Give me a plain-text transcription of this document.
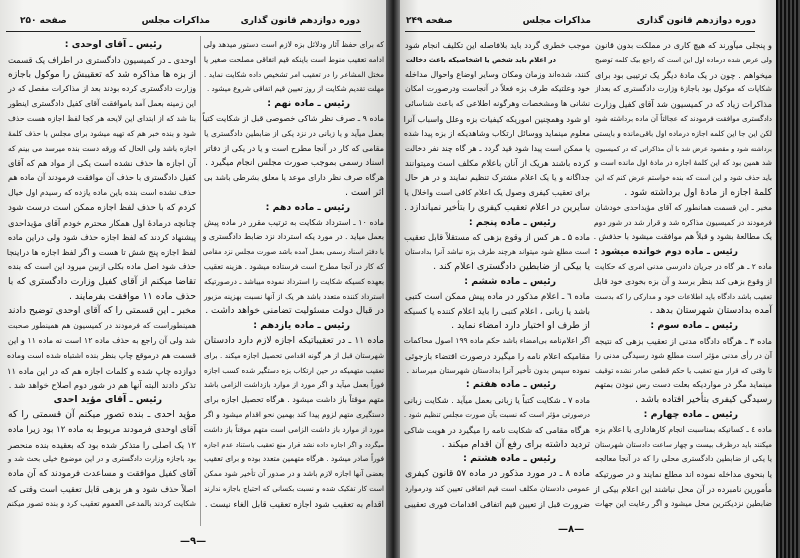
دوره دوازدهم قانون گذاری
مذاکرات مجلس
صفحه ۲۵۰
که برای حفظ آثار ودلائل بزه لازم است دستور میدهد ولی
ادامه تعقیب منوط است باینکه قیم اتفاقی مصلحت صغیر یا
مختل المشاعر را در تعقیب امر تشخیص داده شکایت نماید .
مهلت تقدیم شکایت از روز تعیین قیم اتفاقی شروع میشود .
رئیس ـ ماده نهم :
ماده ۹ ـ صرف نظر شاکی خصوصی قبل از شکایت کتباً
بعمل میآید و یا زبانی در نزد یکی از ضابطین دادگستری یا
مقامی که کار در آنجا مطرح است و یا در یکی از دفاتر
اسناد رسمی بموجب صورت مجلس انجام میگیرد .
هرگاه صرف نظر دارای موعد یا معلق بشرطی باشد بی
اثر است .
رئیس ـ ماده دهم :
ماده ۱۰ ـ استرداد شکایت به ترتیب مقرر در ماده پیش
بعمل میاید . در مورد یکه استرداد نزد ضابط دادگستری و
یا دفتر اسناد رسمی بعمل آمده باشد صورت مجلس نزد مقامی
که کار در آنجا مطرح است فرستاده میشود . هزینه تعقیب
بعهده کسیکه شکایت را استرداد نموده میباشد ـ درصورتیکه
استرداد کننده متعدد باشد هر یک از آنها نسبت بهزینه مزبور
در قبال دولت مسئولیت تضامنی خواهد داشت .
رئیس ـ ماده یازدهم :
ماده ۱۱ ـ در تعقیباتیکه اجازه لازم دارد دادستان
شهرستان قبل از هر گونه اقدامی تحصیل اجازه میکند . برای
تعقیب متهمیکه در حین ارتکاب بزه دستگیر شده کسب اجازه
فوراً بعمل میآید و اگر مورد از موارد بازداشت الزامی باشد
متهم موقتاً باز داشت میشود . هرگاه تحصیل اجازه برای
دستگیری متهم لزوم پیدا کند بهمین نحو اقدام میشود و اگر
مورد از موارد باز داشت الزامی است متهم موقتاً باز داشت
میگردد و اگر اجازه داده نشد قرار منع تعقیب باستناد عدم اجازه
فوراً صادر میشود . هرگاه متهمین متعدد بوده و برای تعقیب
بعضی آنها اجازه لازم باشد و در صدور آن تأخیر شود ممکن
است کار تفکیک شده و نسبت بکسانی که احتیاج باجازه ندارند
اقدام به تعقیب شود اجازه تعقیب قابل الغاء نیست .
رئیس ـ آقای اوحدی :
اوحدی ـ در کمیسیون دادگستری در اطراف یک قسمت
از بزه ها مذاکره شد که تعقیبش را موکول باجازه
وزارت دادگستری کرده بودند بعد از مذاکرات مفصل که در
این زمینه بعمل آمد باموافقت آقای کفیل دادگستری اینطور
بنا شد که از ابتدای این لایحه هر کجا لفظ اجازه هست حذف
شود و بنده خبر هم که تهیه میشود برای مجلس با حذف کلمهٔ
اجازه باشد ولی الحال که ورقه دست بنده میرسد می بینم که
آن اجازه ها حذف نشده است یکی از مواد هم که آقای
کفیل دادگستری با حذف آن موافقت فرمودند آن ماده هم
حذف نشده است بنده باین ماده یازده که رسیدم اول خیال
کردم که با حذف لفظ اجازه ممکن است درست شود
چنانچه درمادهٔ اول همکار محترم خودم آقای مؤیداحدی
پیشنهاد کردند که لفظ اجازه حذف شود ولی دراین ماده
لفظ اجازه پنج شش تا هست و اگر لفظ اجازه ها دراینجا
حذف شود اصل ماده بکلی ازبین میرود این است که بنده
تقاضا میکنم از آقای کفیل وزارت دادگستری که با
حذف ماده ۱۱ موافقت بفرمایند .
مخبر ـ این قسمتی را که آقای اوحدی توضیح دادند
همینطوراست که فرمودند در کمیسیون هم همینطور صحبت
شد ولی آن راجع به حذف ماده ۱۲ است نه ماده ۱۱ و این
قسمت هم درموقع چاپ بنظر بنده اشتباه شده است وماده
دوازده چاپ شده و کلمات اجازه هم که در این ماده ۱۱
تذکر دادند البته آنها هم در شور دوم اصلاح خواهد شد .
رئیس ـ آقای مؤید احدی
مؤید احدی ـ بنده تصور میکنم آن قسمتی را که
آقای اوحدی فرمودند مربوط به ماده ۱۲ بود زیرا ماده
۱۲ یک اصلی را متذکر شده بود که بعقیده بنده منحصر
بود باجازه وزارت دادگستری و در این موضوع خیلی بحث شد و
آقای کفیل موافقت و مساعدت فرمودند که آن ماده
اصلاً حذف شود و هر بزهی قابل تعقیب است وقتی که
شکایت کردند بالمدعی العموم تعقیب کرد و بنده تصور میکنم
—۹—
دوره دوازدهم قانون گذاری
مذاکرات مجلس
صفحه ۲۴۹
و پنجلی میآورند که هیچ کاری در مملکت بدون قانون
ولی عرض شده درماده اول این است که راجع بیک کلمه توضیح
میخواهم . چون در یک مادهٔ دیگر یک ترتیبی بود برای
شکایات که موکول بود باجازهٔ وزارت دادگستری که بعداز
مذاکرات زیاد که در کمیسیون شد آقای کفیل وزارت
دادگستری موافقت فرمودند که عجالتاً آن ماده برداشته شود
لکن این جا این کلمه اجازه درماده اول باقی‌مانده و بایستی
برداشته شود و مقصود عرض شد با آن مذاکراتی که در کمیسیون
شد همین بود که این کلمهٔ اجازه در مادهٔ اول مانده است و
باید حذف شود و این است که بنده خواستم عرض کنم که این
کلمهٔ اجازه از مادهٔ اول برداشته شود .
مخبر ـ این قسمت همانطور که آقای مؤیداحدی خودشان
فرمودند در کمیسیون مذاکره شد و قرار شد در شور دوم
یک مطالعهٔ بشود و قبلاً هم موافقت میشود با حذفش .
رئیس ـ ماده دوم خوانده میشود :
ماده ۲ ـ هر گاه در جریان دادرسی مدنی امری که حکایت
از وقوع بزهی کند بنظر برسد و آن بزه بخودی خود قابل
تعقیب باشد دادگاه باید اطلاعات خود و مدارکی را که بدست
آمده بدادستان شهرستان بدهد .
رئیس ـ ماده سوم :
ماده ۳ ـ هرگاه دادگاه مدنی از تعقیب بزهی که نتیجه
آن در رأی مدنی مؤثر است مطلع شود رسیدگی مدنی را
تا وقتی که قرار منع تعقیب یا حکم قطعی صادر نشده توقیف
مینماید مگر در مواردیکه بعلت دست رس نبودن بمتهم
رسیدگی کیفری بتأخیر افتاده باشد .
رئیس ـ ماده چهارم :
ماده ٤ ـ کسانیکه بمناسبت انجام کارهاداری یا اعلام بزه
میکنند باید درظرف بیست و چهار ساعت دادستان شهرستان
یا یکی از ضابطین دادگستری محلی را که در آنجا معالجه
یا بنحوی مداخله نموده اند مطلع نمایند و در صورتیکه
مأمورین نامبرده در آن محل نباشند این اعلام بیکی از
ضابطین نزدیکترین محل میشود و اگر رعایت این جهات
موجب خطری گردد باید بلافاصله این تکلیف انجام شود
در اعلام باید شخص یا اشخاصیکه باعث دخالت
کنند، شده‌اند وزمان ومکان وسایر اوضاع واحوال مداخله
خود وعلتیکه طرف بزه فعلاً در آنجاست ودرصورت امکان
نشانی ها ومشخصات وهرگونه اطلاعی که باعث شناسائی
او شود وهمچنین اموریکه کیفیات بزه وعلل واسباب آنرا
معلوم مینماید ووسائل ارتکاب وشاهدیکه از بزه پیدا شده
یا ممکن است پیدا شود قید گردد ـ هر گاه چند نفر دخالت
کرده باشند هریک از آنان باعلام مکلف است ومیتوانند
جداگانه و یا یک اعلام مشترک تنظیم نمایند و در هر حال
برای تعقیب کیفری وصول یک اعلام کافی است واخلال یا
سایرین در اعلام تعقیب کیفری را بتأخیر نمیاندازد .
رئیس ـ ماده پنجم :
ماده ۵ ـ هر کس از وقوع بزهی که مستقلاً قابل تعقیب
است مطلع شود میتواند هرچند طرف بزه نباشد آنرا بدادستان
یا بیکی از ضابطین دادگستری اعلام کند .
رئیس ـ ماده ششم :
ماده ٦ ـ اعلام مذکور در ماده پیش ممکن است کتبی
باشد یا زبانی ، اعلام کتبی را باید اعلام کننده یا کسیکه
از طرف او اختیار دارد امضاء نماید .
اگر اعلام‌نامه بی‌امضاء باشد حکم ماده ۱۹۹ اصول محاکمات
مقامیکه اعلام نامه را میگیرد درصورت اقتضاء بازجوئی
نموده سپس بدون تأخیر آنرا بدادستان شهرستان میرساند .
رئیس ـ ماده هفتم :
ماده ۷ ـ شکایت کتباً یا زبانی بعمل میآید . شکایت زبانی
درصورتی مؤثر است که نسبت بآن صورت مجلس تنظیم شود .
هرگاه مقامی که شکایت نامه را میگیرد در هویت شاکی
تردید داشته برای رفع آن اقدام میکند .
رئیس ـ ماده هشتم :
ماده ۸ ـ در مورد مذکور در ماده ۵۷ قانون کیفری
عمومی دادستان مکلف است قیم اتفاقی تعیین کند ودرموارد
ضرورت قبل از تعیین قیم اتفاقی اقدامات فوری تعقیبی
—۸—
